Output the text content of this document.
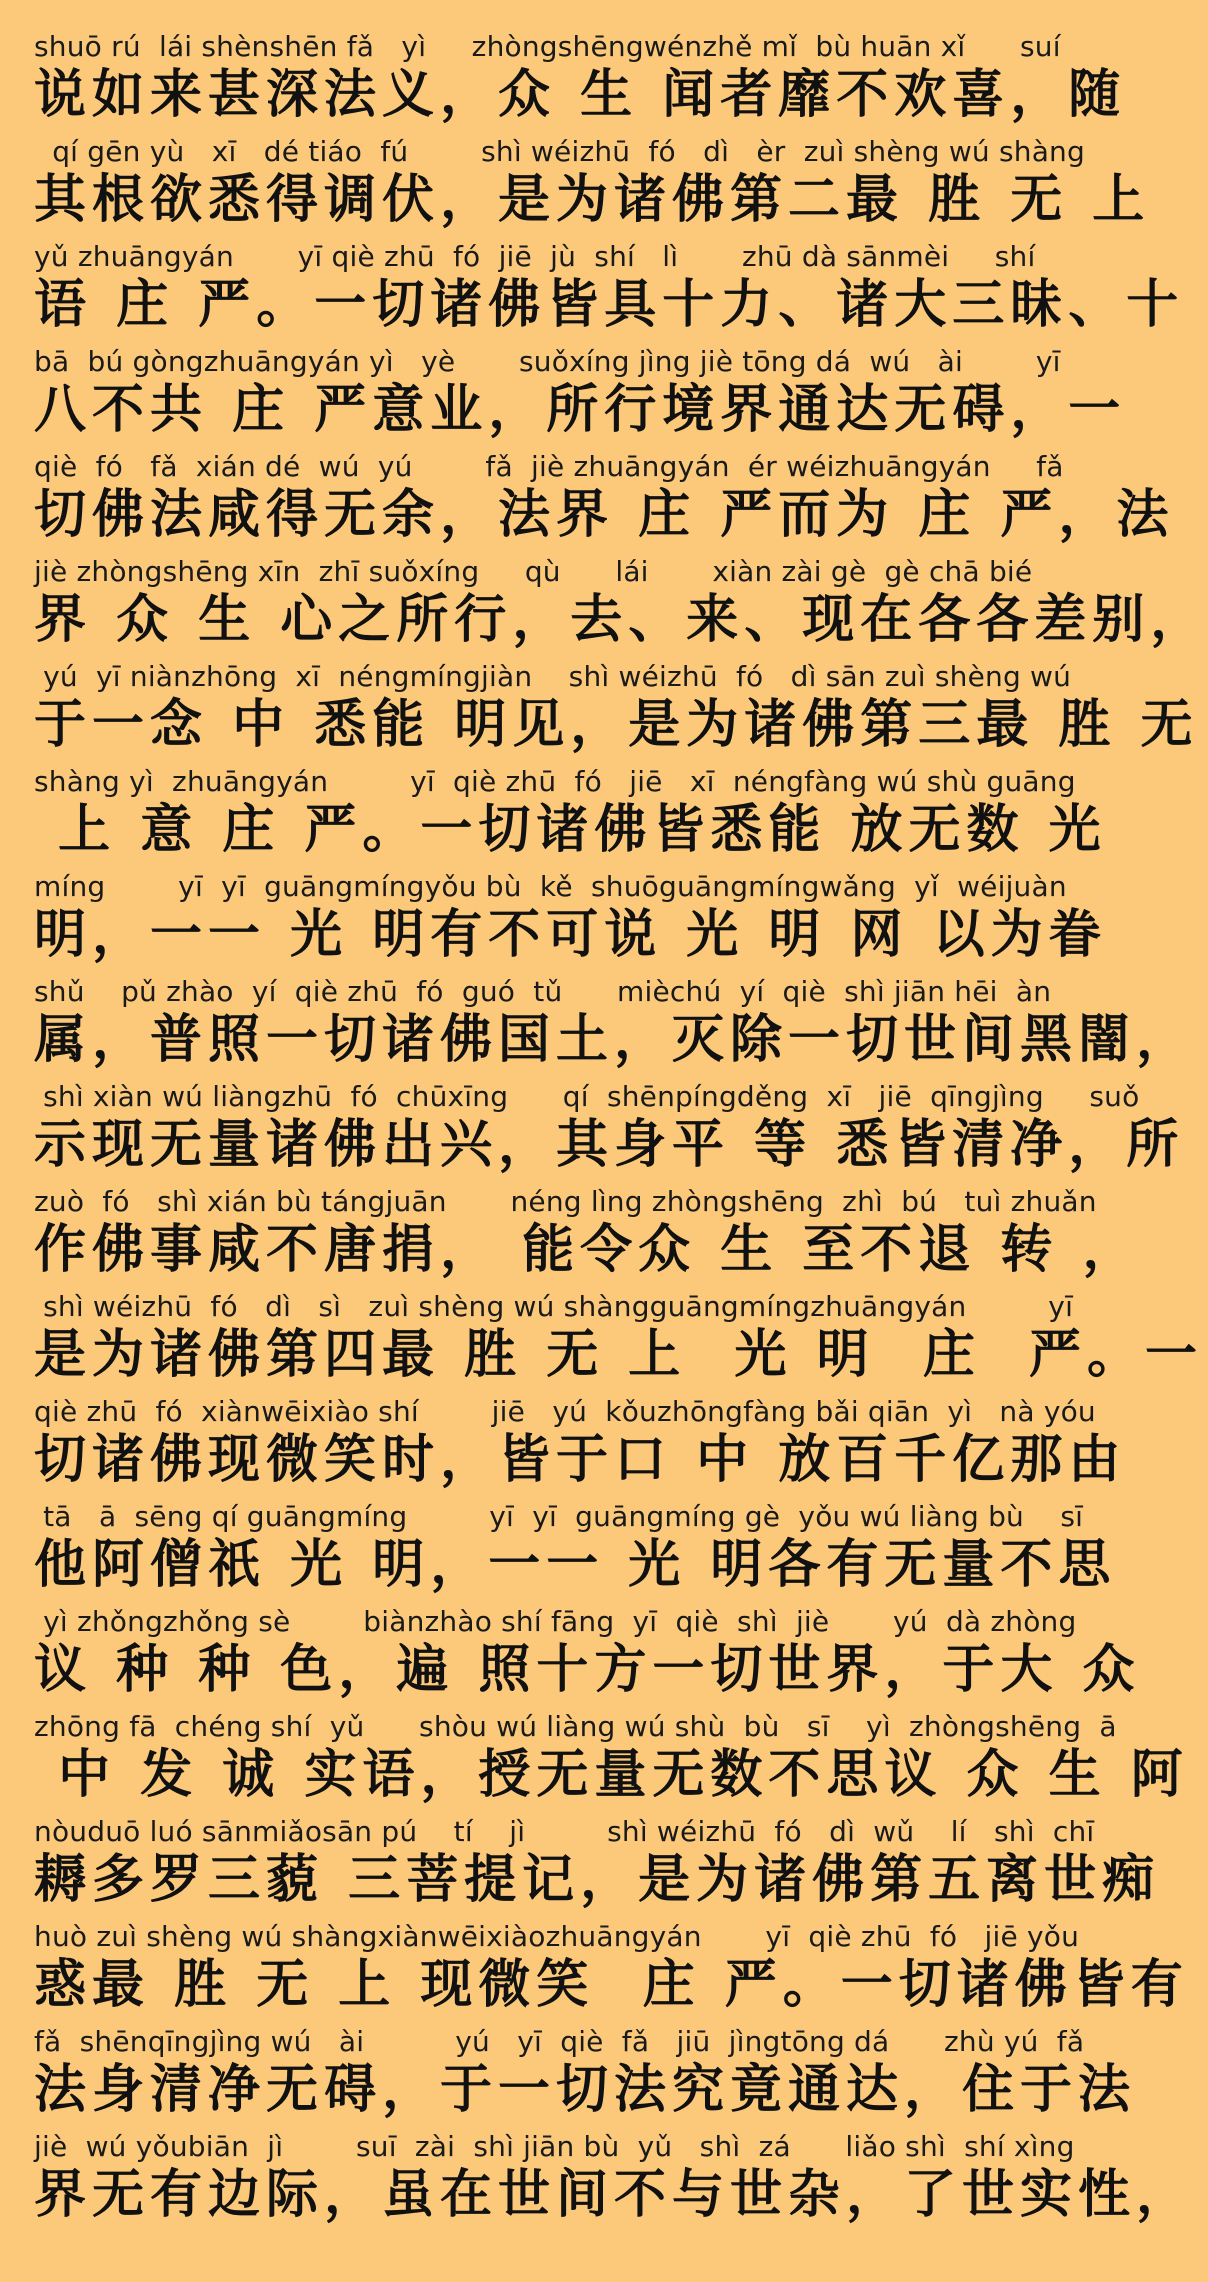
shuō rú  lái shènshēn fǎ   yì     zhòngshēngwénzhě mǐ  bù huān xǐ      suí
说如来甚深法义，众 生 闻者靡不欢喜，随
qí gēn yù   xī   dé tiáo  fú        shì wéizhū  fó   dì   èr  zuì shèng wú shàng
其根欲悉得调伏，是为诸佛第二最 胜 无 上
yǔ zhuāngyán       yī qiè zhū  fó  jiē  jù  shí   lì       zhū dà sānmèi     shí
语 庄 严。一切诸佛皆具十力、诸大三昧、十
bā  bú gòngzhuāngyán yì   yè       suǒxíng jìng jiè tōng dá  wú   ài        yī
八不共 庄 严意业，所行境界通达无碍，一
qiè  fó   fǎ  xián dé  wú  yú        fǎ  jiè zhuāngyán  ér wéizhuāngyán     fǎ
切佛法咸得无余，法界 庄 严而为 庄 严，法
jiè zhòngshēng xīn  zhī suǒxíng     qù      lái       xiàn zài gè  gè chā bié
界 众 生 心之所行，去、来、现在各各差别，
yú  yī niànzhōng  xī  néngmíngjiàn    shì wéizhū  fó   dì sān zuì shèng wú
于一念 中 悉能 明见，是为诸佛第三最 胜 无
shàng yì  zhuāngyán         yī  qiè zhū  fó   jiē   xī  néngfàng wú shù guāng
上 意 庄 严。一切诸佛皆悉能 放无数 光
míng        yī  yī  guāngmíngyǒu bù  kě  shuōguāngmíngwǎng  yǐ  wéijuàn
明，一一 光 明有不可说 光 明 网 以为眷
shǔ    pǔ zhào  yí  qiè zhū  fó  guó  tǔ      mièchú  yí  qiè  shì jiān hēi  àn
属，普照一切诸佛国土，灭除一切世间黑闇，
shì xiàn wú liàngzhū  fó  chūxīng      qí  shēnpíngděng  xī   jiē  qīngjìng     suǒ
示现无量诸佛出兴，其身平 等 悉皆清净，所
zuò  fó   shì xián bù tángjuān       néng lìng zhòngshēng  zhì  bú   tuì zhuǎn
作佛事咸不唐捐， 能令众 生 至不退 转 ，
shì wéizhū  fó   dì   sì   zuì shèng wú shàngguāngmíngzhuāngyán         yī
是为诸佛第四最 胜 无 上  光 明  庄  严。一
qiè zhū  fó  xiànwēixiào shí        jiē   yú  kǒuzhōngfàng bǎi qiān  yì   nà yóu
切诸佛现微笑时，皆于口 中 放百千亿那由
tā   ā  sēng qí guāngmíng         yī  yī  guāngmíng gè  yǒu wú liàng bù    sī
他阿僧祇 光 明，一一 光 明各有无量不思
yì zhǒngzhǒng sè        biànzhào shí fāng  yī  qiè  shì  jiè       yú  dà zhòng
议 种 种 色，遍 照十方一切世界，于大 众
zhōng fā  chéng shí  yǔ      shòu wú liàng wú shù  bù   sī    yì  zhòngshēng  ā
中 发 诚 实语，授无量无数不思议 众 生 阿
nòuduō luó sānmiǎosān pú    tí    jì         shì wéizhū  fó   dì  wǔ    lí   shì  chī
耨多罗三藐 三菩提记，是为诸佛第五离世痴
huò zuì shèng wú shàngxiànwēixiàozhuāngyán       yī  qiè zhū  fó   jiē yǒu
惑最 胜 无 上 现微笑  庄 严。一切诸佛皆有
fǎ  shēnqīngjìng wú   ài          yú   yī  qiè  fǎ   jiū  jìngtōng dá      zhù yú  fǎ
法身清净无碍，于一切法究竟通达，住于法
jiè  wú yǒubiān  jì        suī  zài  shì jiān bù  yǔ   shì  zá      liǎo shì  shí xìng
界无有边际，虽在世间不与世杂，了世实性，
